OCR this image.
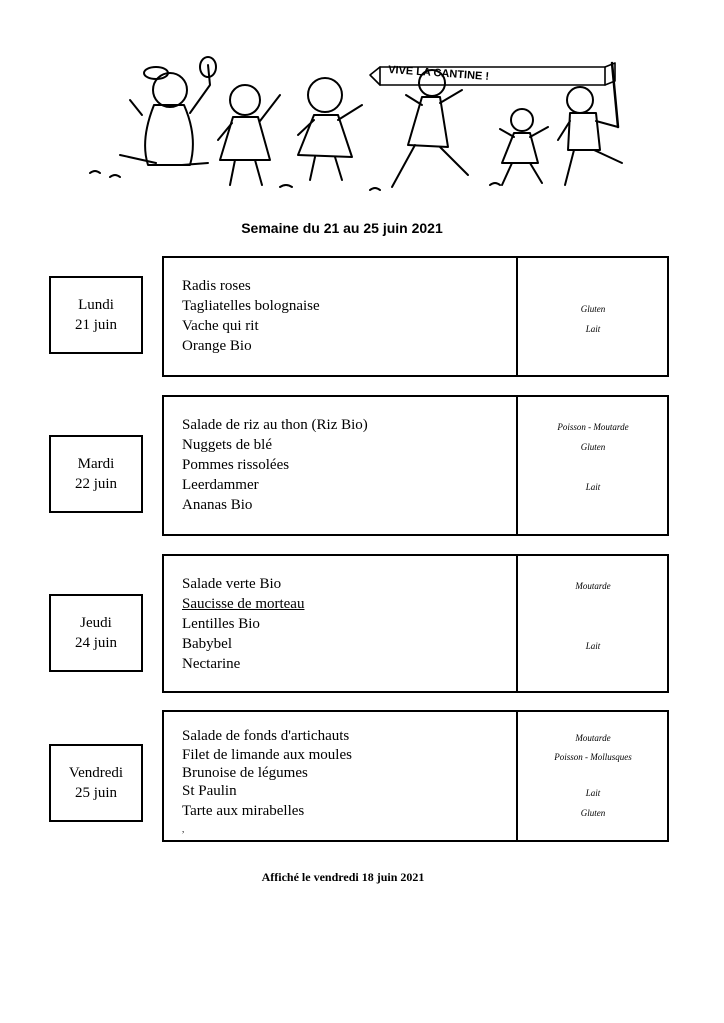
VIVE LA CANTINE !
Semaine du 21 au 25 juin 2021
Lundi
21 juin
Radis roses
Tagliatelles bolognaise
Vache qui rit
Orange Bio
Gluten
Lait
Mardi
22 juin
Salade de riz au thon (Riz Bio)
Nuggets de blé
Pommes rissolées
Leerdammer
Ananas Bio
Poisson - Moutarde
Gluten
Lait
Jeudi
24 juin
Salade verte Bio
Saucisse de morteau
Lentilles Bio
Babybel
Nectarine
Moutarde
Lait
Vendredi
25 juin
Salade de fonds d'artichauts
Filet de limande aux moules
Brunoise de légumes
St Paulin
Tarte aux mirabelles
,
Moutarde
Poisson - Mollusques
Lait
Gluten
Affiché le vendredi 18 juin 2021
